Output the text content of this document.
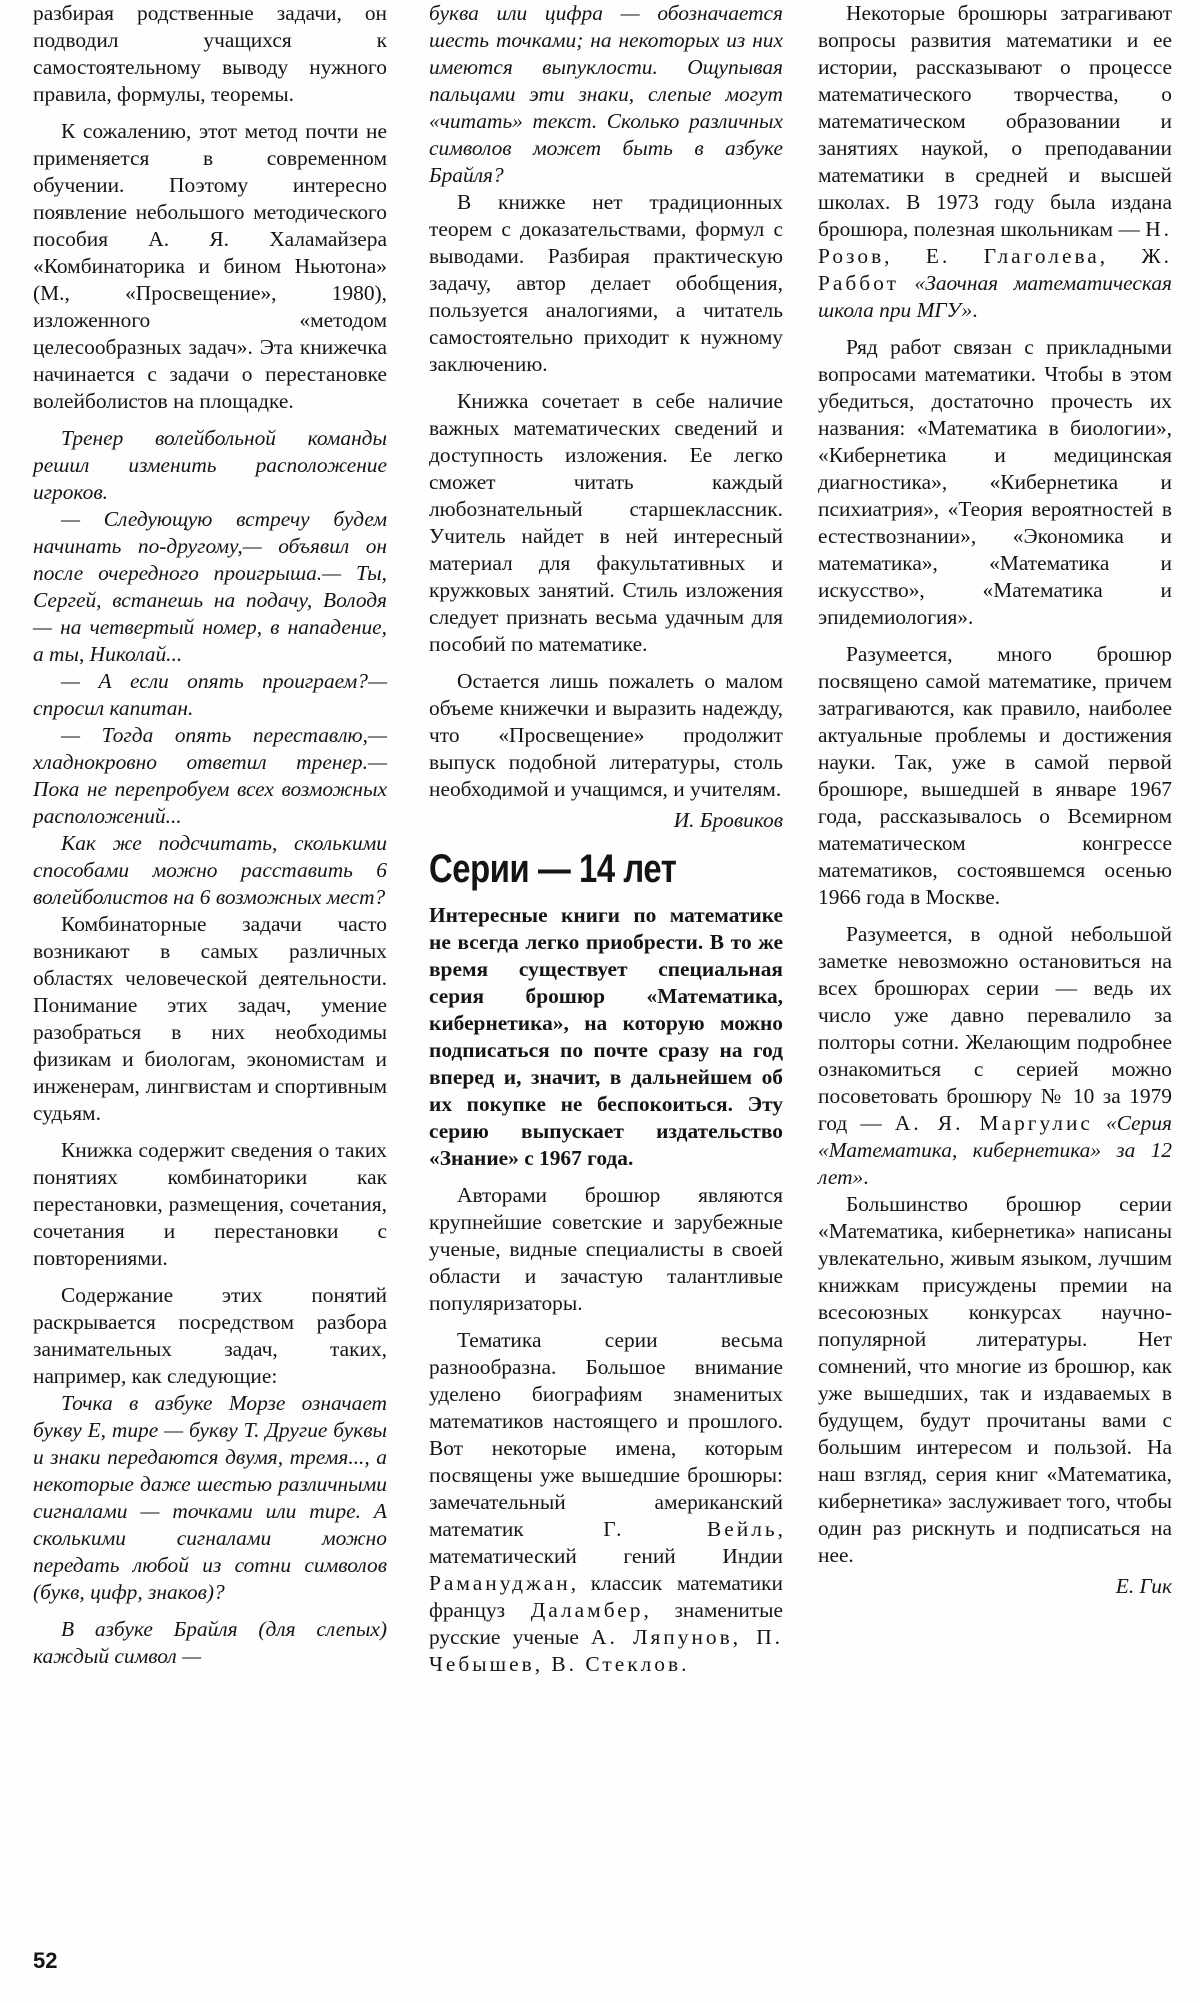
разбирая родственные задачи, он подводил учащихся к самостоятельному выводу нужного правила, формулы, теоремы.

К сожалению, этот метод почти не применяется в современном обучении. Поэтому интересно появление небольшого методического пособия А. Я. Халамайзера «Комбинаторика и бином Ньютона» (М., «Просвещение», 1980), изложенного «методом целесообразных задач». Эта книжечка начинается с задачи о перестановке волейболистов на площадке.

Тренер волейбольной команды решил изменить расположение игроков.

— Следующую встречу будем начинать по-другому,— объявил он после очередного проигрыша.— Ты, Сергей, встанешь на подачу, Володя — на четвертый номер, в нападение, а ты, Николай...

— А если опять проиграем?— спросил капитан.

— Тогда опять переставлю,— хладнокровно ответил тренер.— Пока не перепробуем всех возможных расположений...

Как же подсчитать, сколькими способами можно расставить 6 волейболистов на 6 возможных мест?

Комбинаторные задачи часто возникают в самых различных областях человеческой деятельности. Понимание этих задач, умение разобраться в них необходимы физикам и биологам, экономистам и инженерам, лингвистам и спортивным судьям.

Книжка содержит сведения о таких понятиях комбинаторики как перестановки, размещения, сочетания, сочетания и перестановки с повторениями.

Содержание этих понятий раскрывается посредством разбора занимательных задач, таких, например, как следующие:

Точка в азбуке Морзе означает букву Е, тире — букву Т. Другие буквы и знаки передаются двумя, тремя..., а некоторые даже шестью различными сигналами — точками или тире. А сколькими сигналами можно передать любой из сотни символов (букв, цифр, знаков)?

В азбуке Брайля (для слепых) каждый символ —

буква или цифра — обозначается шесть точками; на некоторых из них имеются выпуклости. Ощупывая пальцами эти знаки, слепые могут «читать» текст. Сколько различных символов может быть в азбуке Брайля?

В книжке нет традиционных теорем с доказательствами, формул с выводами. Разбирая практическую задачу, автор делает обобщения, пользуется аналогиями, а читатель самостоятельно приходит к нужному заключению.

Книжка сочетает в себе наличие важных математических сведений и доступность изложения. Ее легко сможет читать каждый любознательный старшеклассник. Учитель найдет в ней интересный материал для факультативных и кружковых занятий. Стиль изложения следует признать весьма удачным для пособий по математике.

Остается лишь пожалеть о малом объеме книжечки и выразить надежду, что «Просвещение» продолжит выпуск подобной литературы, столь необходимой и учащимся, и учителям.

И. Бровиков

Серии — 14 лет

Интересные книги по математике не всегда легко приобрести. В то же время существует специальная серия брошюр «Математика, кибернетика», на которую можно подписаться по почте сразу на год вперед и, значит, в дальнейшем об их покупке не беспокоиться. Эту серию выпускает издательство «Знание» с 1967 года.

Авторами брошюр являются крупнейшие советские и зарубежные ученые, видные специалисты в своей области и зачастую талантливые популяризаторы.

Тематика серии весьма разнообразна. Большое внимание уделено биографиям знаменитых математиков настоящего и прошлого. Вот некоторые имена, которым посвящены уже вышедшие брошюры: замечательный американский математик	Г. Вейль, математический гений Индии Рамануджан, классик математики француз Даламбер, знаменитые русские ученые А. Ляпунов, П. Чебышев, В. Стеклов.

Некоторые брошюры затрагивают вопросы развития математики и ее истории, рассказывают о процессе математического творчества, о математическом образовании и занятиях наукой, о преподавании математики в средней и высшей школах. В 1973 году была издана брошюра, полезная школьникам — Н. Розов, Е. Глаголева, Ж. Раббот «Заочная математическая школа при МГУ».

Ряд работ связан с прикладными вопросами математики. Чтобы в этом убедиться, достаточно прочесть их названия: «Математика в биологии», «Кибернетика и медицинская диагностика», «Кибернетика и психиатрия», «Теория вероятностей в естествознании», «Экономика и математика», «Математика и искусство», «Математика и эпидемиология».

Разумеется, много брошюр посвящено самой математике, причем затрагиваются, как правило, наиболее актуальные проблемы и достижения науки. Так, уже в самой первой брошюре, вышедшей в январе 1967 года, рассказывалось о Всемирном математическом конгрессе математиков, состоявшемся осенью 1966 года в Москве.

Разумеется, в одной небольшой заметке невозможно остановиться на всех брошюрах серии — ведь их число уже давно перевалило за полторы сотни. Желающим подробнее ознакомиться с серией можно посоветовать брошюру № 10 за 1979 год — А. Я. Маргулис «Серия «Математика, кибернетика» за 12 лет».

Большинство брошюр серии «Математика, кибернетика» написаны увлекательно, живым языком, лучшим книжкам присуждены премии на всесоюзных конкурсах научно-популярной литературы. Нет сомнений, что многие из брошюр, как уже вышедших, так и издаваемых в будущем, будут прочитаны вами с большим интересом и пользой. На наш взгляд, серия книг «Математика, кибернетика» заслуживает того, чтобы один раз рискнуть и подписаться на нее.

Е. Гик

52
